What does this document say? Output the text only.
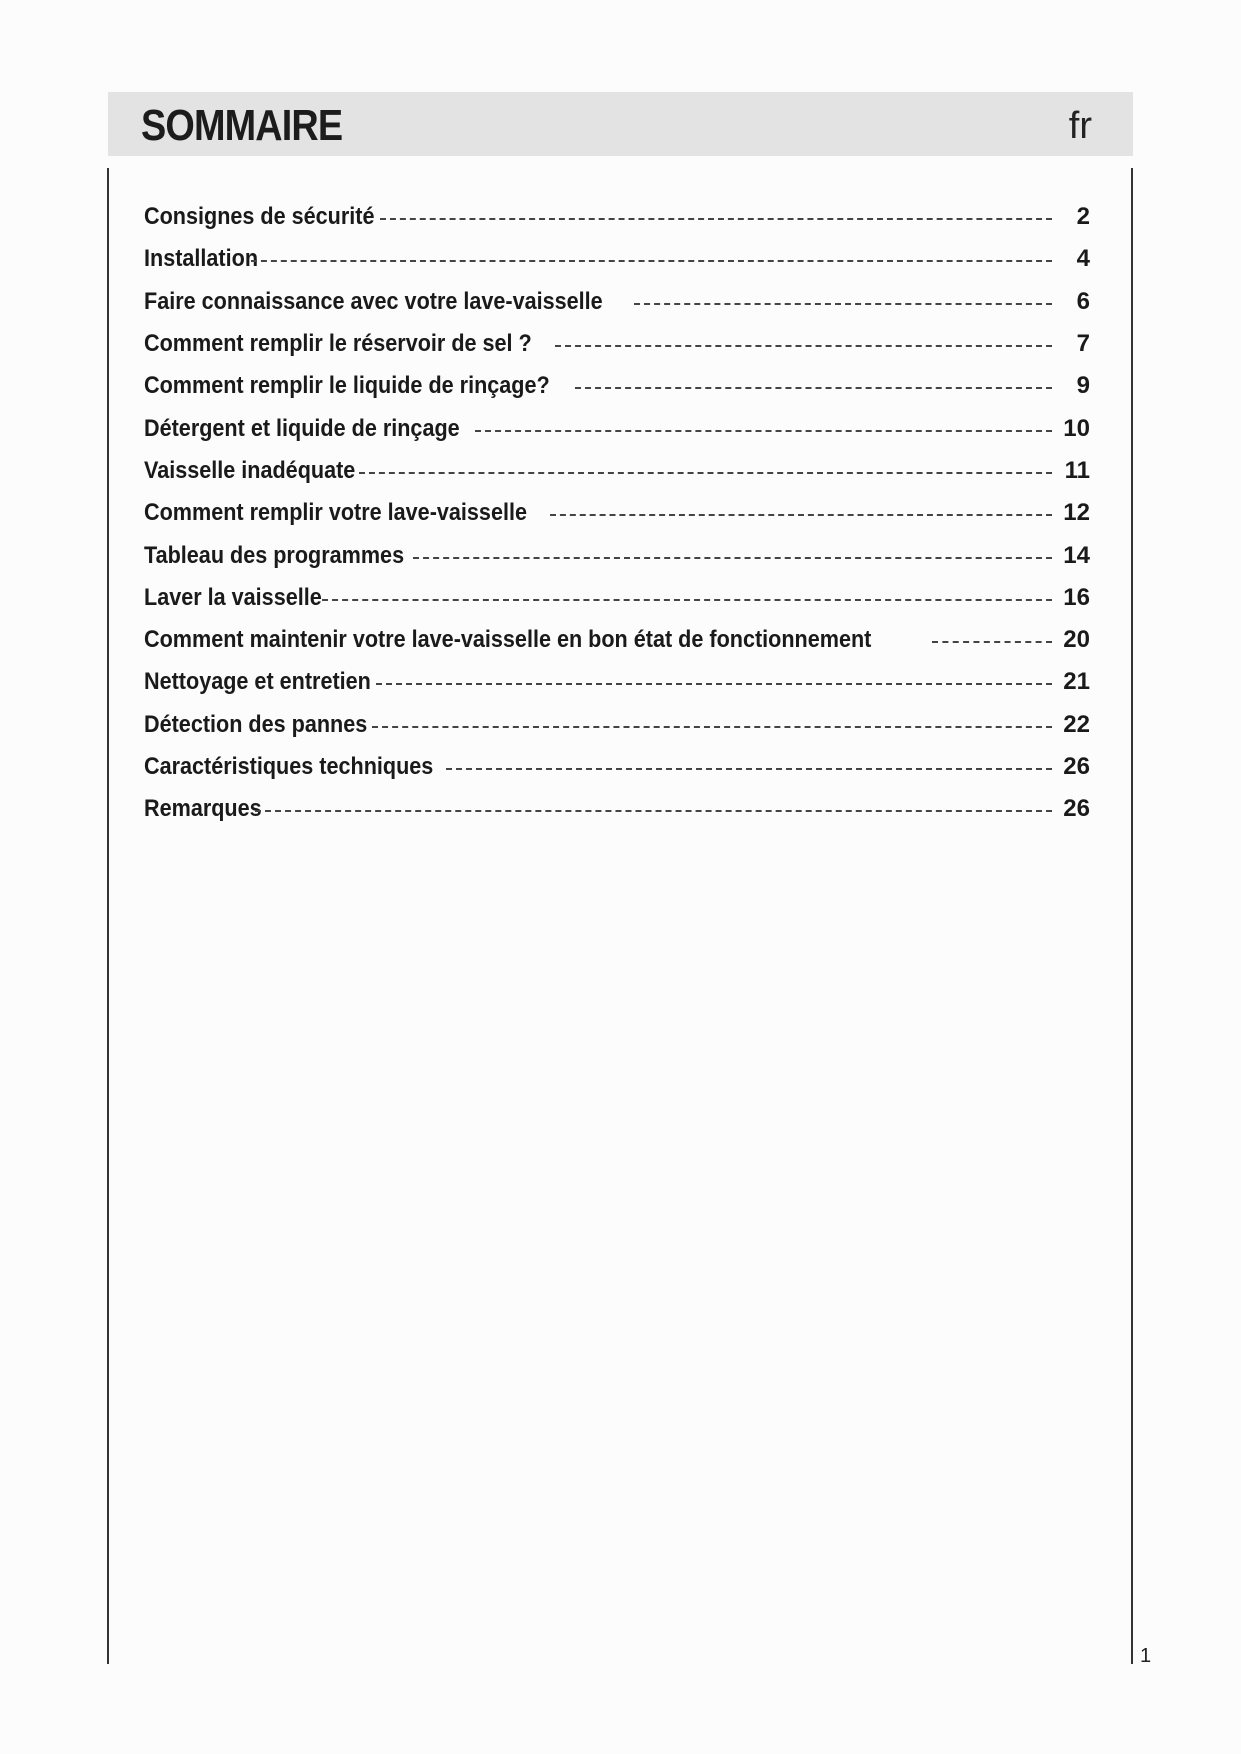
SOMMAIRE	fr
Consignes de sécurité	2
Installation	4
Faire connaissance avec votre lave-vaisselle	6
Comment remplir le réservoir de sel ?	7
Comment remplir le liquide de rinçage?	9
Détergent et liquide de rinçage	10
Vaisselle inadéquate	11
Comment remplir votre lave-vaisselle	12
Tableau des programmes	14
Laver la vaisselle	16
Comment maintenir votre lave-vaisselle en bon état de fonctionnement	20
Nettoyage et entretien	21
Détection des pannes	22
Caractéristiques techniques	26
Remarques	26
1
